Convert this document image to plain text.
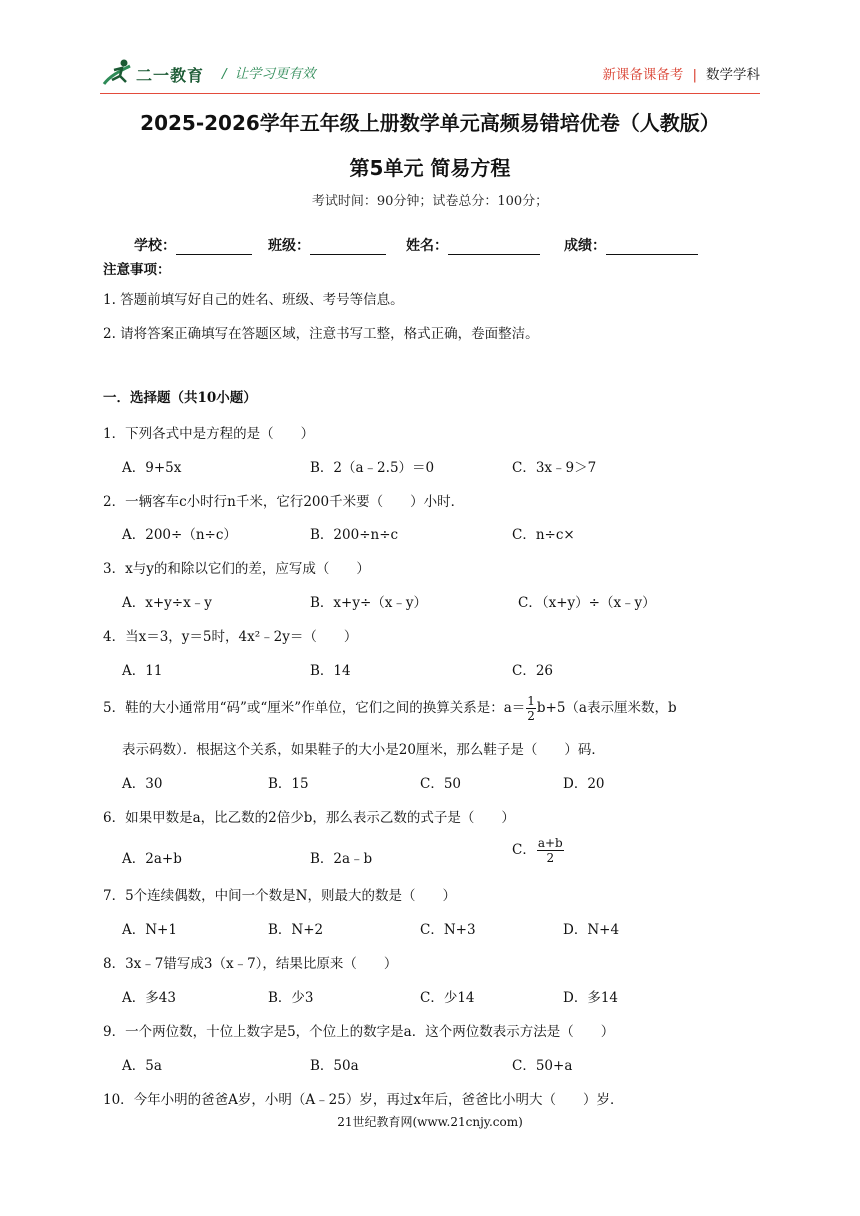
二一教育 / 让学习更有效	新课备课备考 | 数学学科
2025-2026学年五年级上册数学单元高频易错培优卷（人教版）
第5单元 简易方程
考试时间：90分钟；试卷总分：100分；
学校：	班级：	姓名：	成绩：
注意事项：
1. 答题前填写好自己的姓名、班级、考号等信息。
2. 请将答案正确填写在答题区域，注意书写工整，格式正确，卷面整洁。
一．选择题（共10小题）
1．下列各式中是方程的是（　　）
A．9+5x	B．2（a﹣2.5）＝0	C．3x﹣9＞7
2．一辆客车c小时行n千米，它行200千米要（　　）小时．
A．200÷（n÷c）	B．200÷n÷c	C．n÷c×
3．x与y的和除以它们的差，应写成（　　）
A．x+y÷x﹣y	B．x+y÷（x﹣y）	C．（x+y）÷（x﹣y）
4．当x＝3，y＝5时，4x²﹣2y＝（　　）
A．11	B．14	C．26
5．鞋的大小通常用“码”或“厘米”作单位，它们之间的换算关系是：$a= \frac{1}{2} b+5(a$表示厘米数，b
表示码数）．根据这个关系，如果鞋子的大小是20厘米，那么鞋子是（　　）码．
A．30	B．15	C．50	D．20
6．如果甲数是a，比乙数的2倍少b，那么表示乙数的式子是（　　）
A．2a+b	B．2a﹣b
C． $\frac{a+b}{2}$
7．5个连续偶数，中间一个数是N，则最大的数是（　　）
A．N+1	B．N+2	C．N+3	D．N+4
8．3x﹣7错写成3（x﹣7），结果比原来（　　）
A．多43	B．少3	C．少14	D．多14
9．一个两位数，十位上数字是5，个位上的数字是a．这个两位数表示方法是（　　）
A．5a	B．50a	C．50+a
10．今年小明的爸爸A岁，小明（A﹣25）岁，再过x年后，爸爸比小明大（　　）岁．
21世纪教育网(www.21cnjy.com)
